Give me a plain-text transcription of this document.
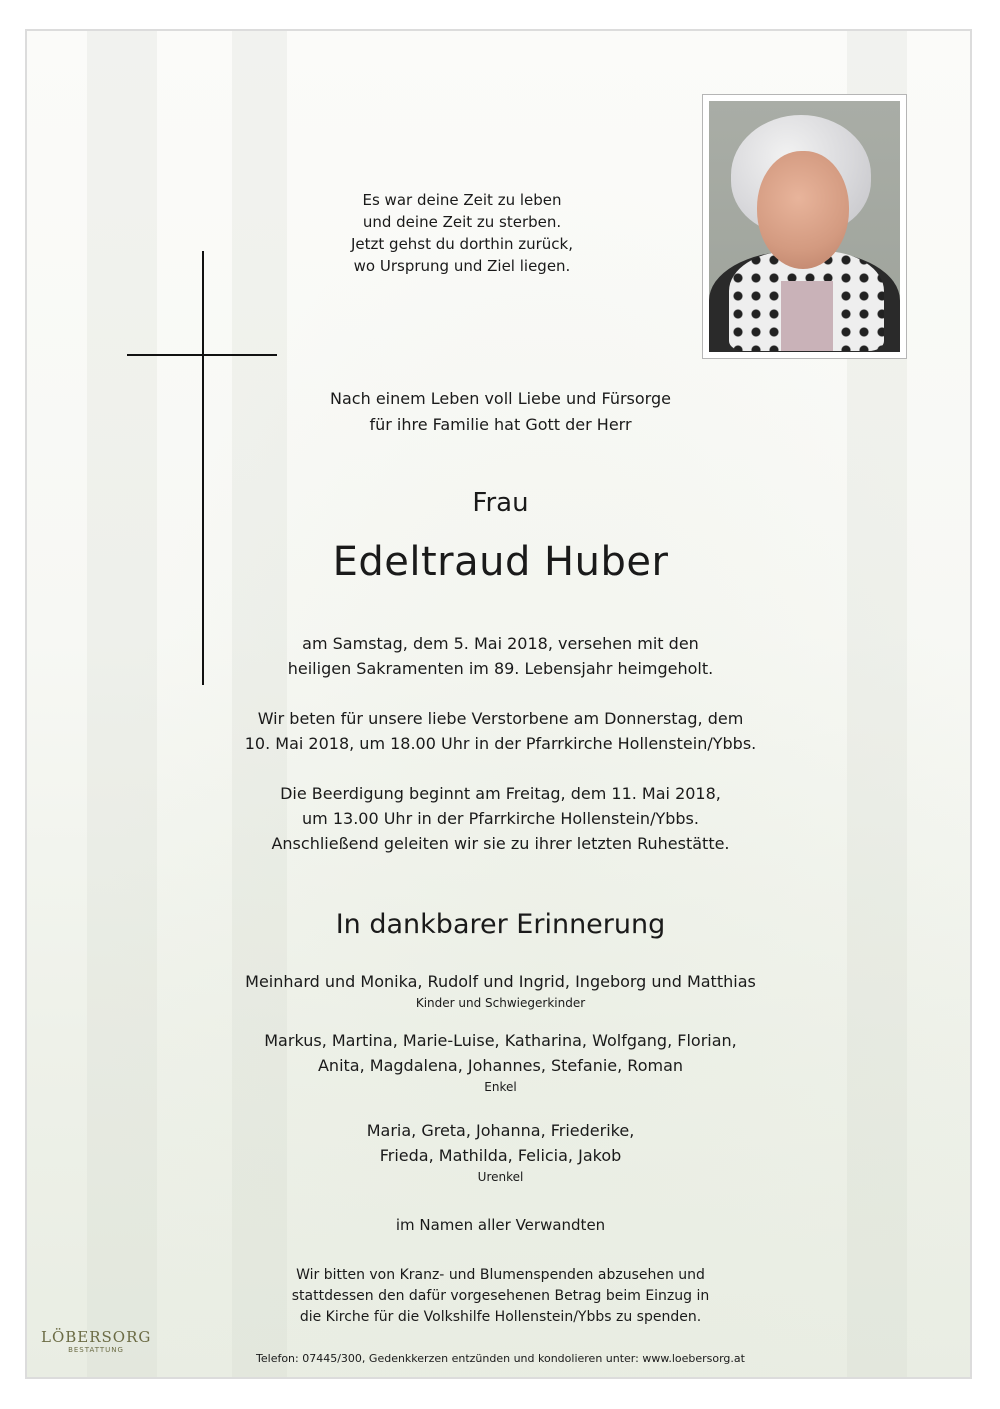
Es war deine Zeit zu leben
und deine Zeit zu sterben.
Jetzt gehst du dorthin zurück,
wo Ursprung und Ziel liegen.
Nach einem Leben voll Liebe und Fürsorge
für ihre Familie hat Gott der Herr
Frau
Edeltraud Huber
am Samstag, dem 5. Mai 2018, versehen mit den
heiligen Sakramenten im 89. Lebensjahr heimgeholt.
Wir beten für unsere liebe Verstorbene am Donnerstag, dem
10. Mai 2018, um 18.00 Uhr in der Pfarrkirche Hollenstein/Ybbs.
Die Beerdigung beginnt am Freitag, dem 11. Mai 2018,
um 13.00 Uhr in der Pfarrkirche Hollenstein/Ybbs.
Anschließend geleiten wir sie zu ihrer letzten Ruhestätte.
In dankbarer Erinnerung
Meinhard und Monika, Rudolf und Ingrid, Ingeborg und Matthias
Kinder und Schwiegerkinder
Markus, Martina, Marie-Luise, Katharina, Wolfgang, Florian,
Anita, Magdalena, Johannes, Stefanie, Roman
Enkel
Maria, Greta, Johanna, Friederike,
Frieda, Mathilda, Felicia, Jakob
Urenkel
im Namen aller Verwandten
Wir bitten von Kranz- und Blumenspenden abzusehen und
stattdessen den dafür vorgesehenen Betrag beim Einzug in
die Kirche für die Volkshilfe Hollenstein/Ybbs zu spenden.
Telefon: 07445/300, Gedenkkerzen entzünden und kondolieren unter: www.loebersorg.at
LÖBERSORG
BESTATTUNG
